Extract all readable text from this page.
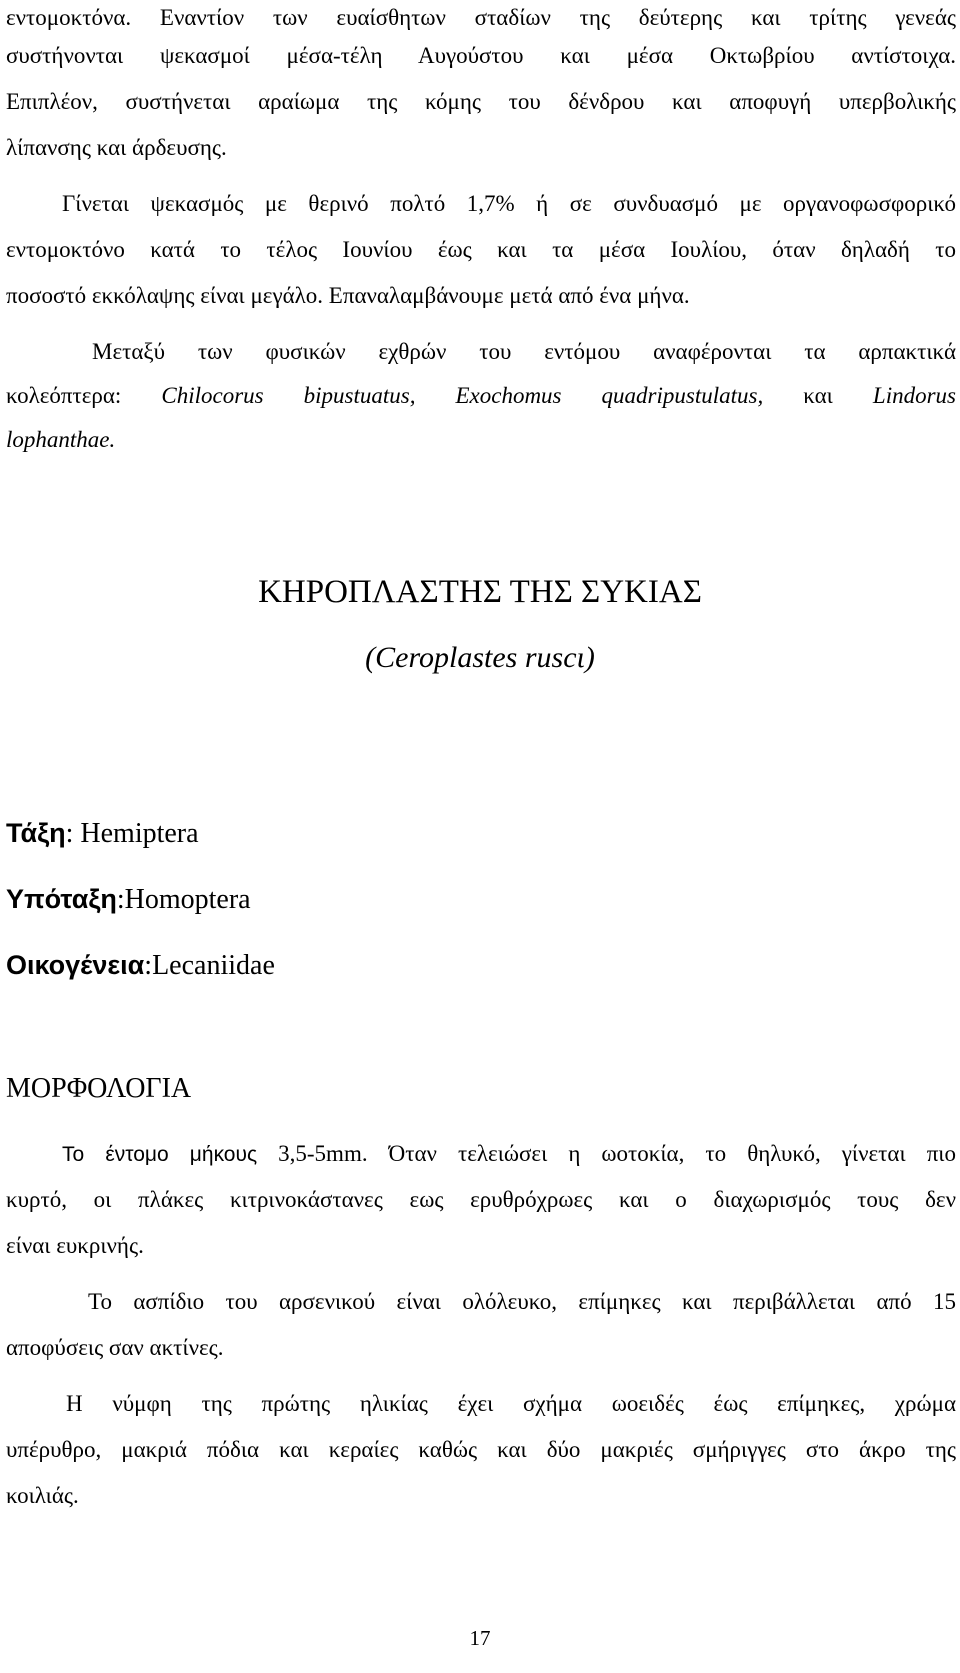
εντομοκτόνα. Εναντίον των ευαίσθητων σταδίων της δεύτερης και τρίτης γενεάς
συστήνονται ψεκασμοί μέσα-τέλη Αυγούστου και μέσα Οκτωβρίου αντίστοιχα.
Επιπλέον, συστήνεται αραίωμα της κόμης του δένδρου και αποφυγή υπερβολικής
λίπανσης και άρδευσης.
Γίνεται ψεκασμός με θερινό πολτό 1,7% ή σε συνδυασμό με οργανοφωσφορικό
εντομοκτόνο κατά το τέλος Ιουνίου έως και τα μέσα Ιουλίου, όταν δηλαδή το
ποσοστό εκκόλαψης είναι μεγάλο. Επαναλαμβάνουμε μετά από ένα μήνα.
Μεταξύ των φυσικών εχθρών του εντόμου αναφέρονται τα αρπακτικά
κολεόπτερα: Chilocorus bipustuatus, Exochomus quadripustulatus, και Lindorus
lophanthae.
ΚΗΡΟΠΛΑΣΤΗΣ ΤΗΣ ΣΥΚΙΑΣ
(Ceroplastes ruscι)
Τάξη: Hemiptera
Υπόταξη:Homoptera
Οικογένεια:Lecaniidae
ΜΟΡΦΟΛΟΓΙΑ
Το έντομο μήκους 3,5-5mm. Όταν τελειώσει η ωοτοκία, το θηλυκό, γίνεται πιο
κυρτό, οι πλάκες κιτρινοκάστανες εως ερυθρόχρωες και ο διαχωρισμός τους δεν
είναι ευκρινής.
Το ασπίδιο του αρσενικού είναι ολόλευκο, επίμηκες και περιβάλλεται από 15
αποφύσεις σαν ακτίνες.
Η νύμφη της πρώτης ηλικίας έχει σχήμα ωοειδές έως επίμηκες, χρώμα
υπέρυθρο, μακριά πόδια και κεραίες καθώς και δύο μακριές σμήριγγες στο άκρο της
κοιλιάς.
17
